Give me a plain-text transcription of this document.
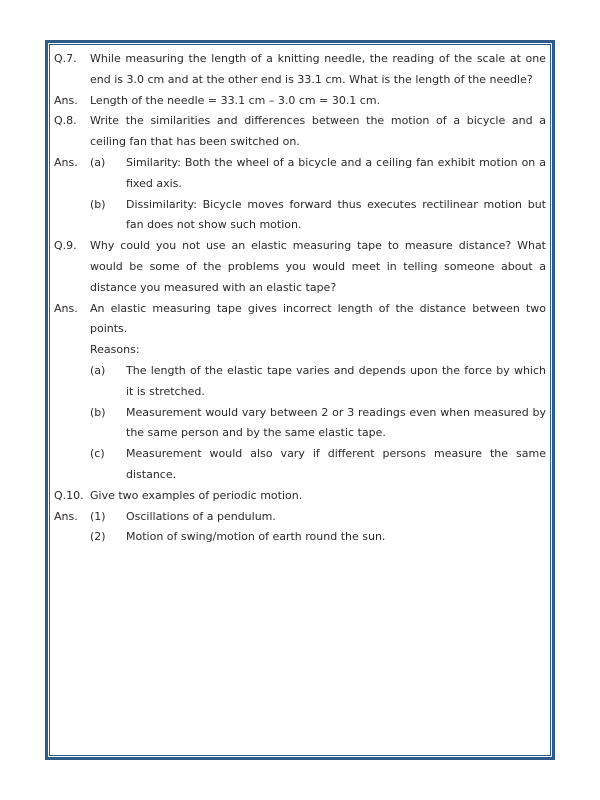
Q.7.	While measuring the length of a knitting needle, the reading of the scale at one end is 3.0 cm and at the other end is 33.1 cm. What is the length of the needle?
Ans.	Length of the needle = 33.1 cm – 3.0 cm = 30.1 cm.
Q.8.	Write the similarities and differences between the motion of a bicycle and a ceiling fan that has been switched on.
Ans.	(a)	Similarity: Both the wheel of a bicycle and a ceiling fan exhibit motion on a fixed axis.
(b)	Dissimilarity: Bicycle moves forward thus executes rectilinear motion but fan does not show such motion.
Q.9.	Why could you not use an elastic measuring tape to measure distance? What would be some of the problems you would meet in telling someone about a distance you measured with an elastic tape?
Ans.	An elastic measuring tape gives incorrect length of the distance between two points.
Reasons:
(a)	The length of the elastic tape varies and depends upon the force by which it is stretched.
(b)	Measurement would vary between 2 or 3 readings even when measured by the same person and by the same elastic tape.
(c)	Measurement would also vary if different persons measure the same distance.
Q.10. Give two examples of periodic motion.
Ans.	(1)	Oscillations of a pendulum.
(2)	Motion of swing/motion of earth round the sun.
